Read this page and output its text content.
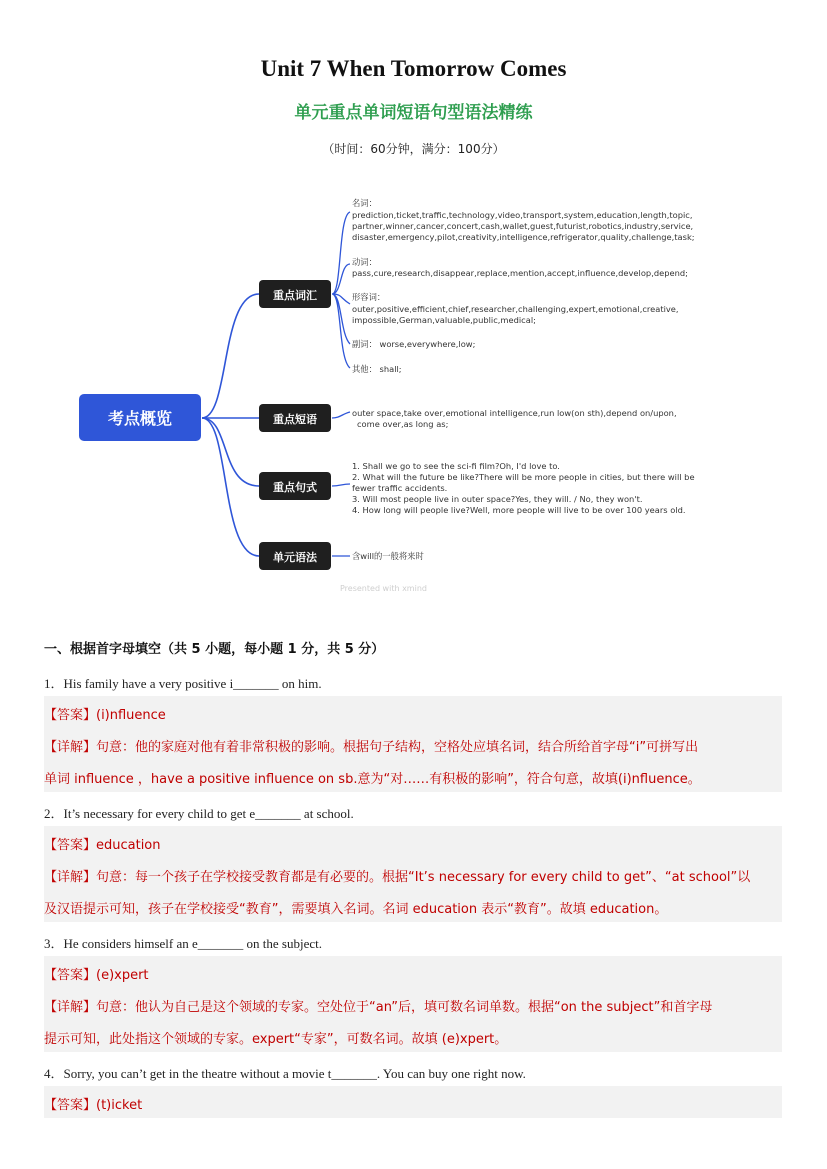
Unit 7 When Tomorrow Comes
单元重点单词短语句型语法精练
（时间：60分钟，满分：100分）
考点概览
重点词汇
重点短语
重点句式
单元语法
名词：
prediction,ticket,traffic,technology,video,transport,system,education,length,topic,
partner,winner,cancer,concert,cash,wallet,guest,futurist,robotics,industry,service,
disaster,emergency,pilot,creativity,intelligence,refrigerator,quality,challenge,task;
动词：
pass,cure,research,disappear,replace,mention,accept,influence,develop,depend;
形容词：
outer,positive,efficient,chief,researcher,challenging,expert,emotional,creative,
impossible,German,valuable,public,medical;
副词： worse,everywhere,low;
其他： shall;
outer space,take over,emotional intelligence,run low(on sth),depend on/upon,
come over,as long as;
1. Shall we go to see the sci-fi film?Oh, I'd love to.
2. What will the future be like?There will be more people in cities, but there will be
fewer traffic accidents.
3. Will most people live in outer space?Yes, they will. / No, they won't.
4. How long will people live?Well, more people will live to be over 100 years old.
含will的一般将来时
Presented with xmind
一、根据首字母填空（共 5 小题，每小题 1 分，共 5 分）
1．His family have a very positive i_______ on him.
【答案】(i)nfluence
【详解】句意：他的家庭对他有着非常积极的影响。根据句子结构，空格处应填名词，结合所给首字母“i”可拼写出
单词 influence ，have a positive influence on sb.意为“对……有积极的影响”，符合句意，故填(i)nfluence。
2．It’s necessary for every child to get e_______ at school.
【答案】education
【详解】句意：每一个孩子在学校接受教育都是有必要的。根据“It’s necessary for every child to get”、“at school”以
及汉语提示可知，孩子在学校接受“教育”，需要填入名词。名词 education 表示“教育”。故填 education。
3．He considers himself an e_______ on the subject.
【答案】(e)xpert
【详解】句意：他认为自己是这个领域的专家。空处位于“an”后，填可数名词单数。根据“on the subject”和首字母
提示可知，此处指这个领域的专家。expert“专家”，可数名词。故填 (e)xpert。
4．Sorry, you can’t get in the theatre without a movie t_______. You can buy one right now.
【答案】(t)icket
